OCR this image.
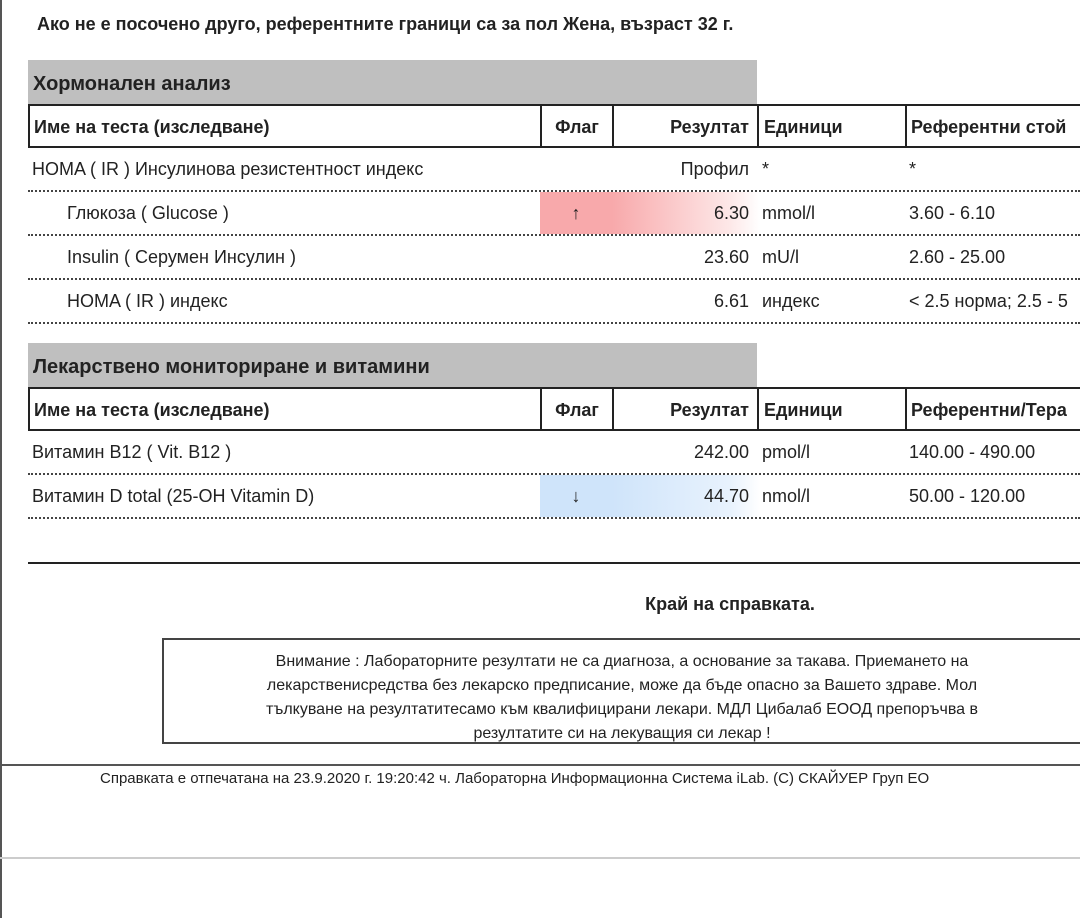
Ако не е посочено друго, референтните граници са за пол Жена, възраст 32 г.
Хормонален анализ
Име на теста (изследване)	Флаг	Резултат Единици	Референтни стой
HOMA ( IR ) Инсулинова резистентност индекс	Профил *	*
Глюкоза ( Glucose )	↑	6.30 mmol/l	3.60 - 6.10
Insulin ( Серумен Инсулин )	23.60 mU/l	2.60 - 25.00
HOMA ( IR ) индекс	6.61 индекс	< 2.5 норма; 2.5 - 5
Лекарствено мониториране и витамини
Име на теста (изследване)	Флаг	Резултат Единици	Референтни/Тера
Витамин B12 ( Vit. B12 )	242.00 pmol/l	140.00 - 490.00
Витамин D total (25-OH Vitamin D)	↓	44.70 nmol/l	50.00 - 120.00
Край на справката.
Внимание : Лабораторните резултати не са диагноза, а основание за такава. Приемането на
лекарственисредства без лекарско предписание, може да бъде опасно за Вашето здраве. Мол
тълкуване на резултатитесамо към квалифицирани лекари. МДЛ Цибалаб ЕООД препоръчва в
резултатите си на лекуващия си лекар !
Справката е отпечатана на 23.9.2020 г. 19:20:42 ч. Лабораторна Информационна Система iLab. (C) СКАЙУЕР Груп ЕО
